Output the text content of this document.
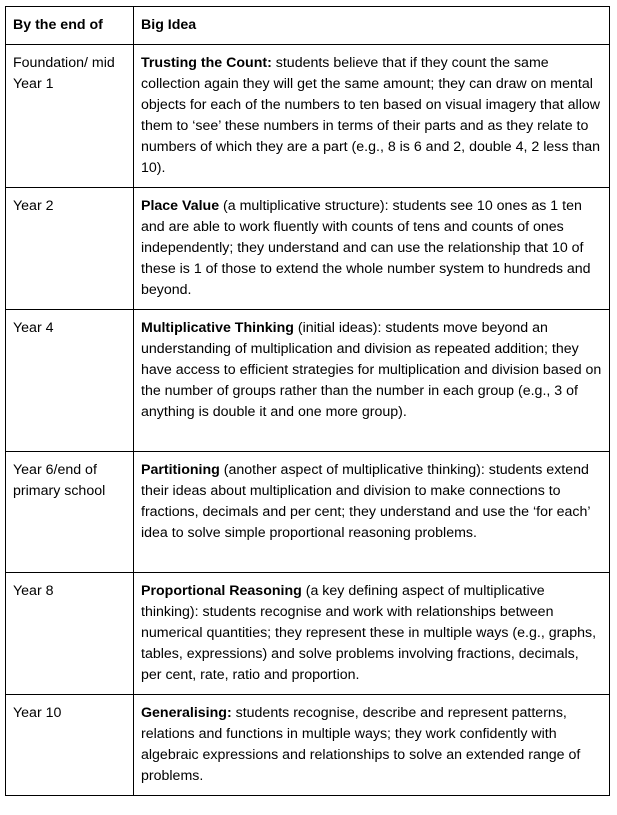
By the end of	Big Idea
Foundation/ mid Year 1	Trusting the Count: students believe that if they count the same collection again they will get the same amount; they can draw on mental objects for each of the numbers to ten based on visual imagery that allow them to ‘see’ these numbers in terms of their parts and as they relate to numbers of which they are a part (e.g., 8 is 6 and 2, double 4, 2 less than 10).
Year 2	Place Value (a multiplicative structure): students see 10 ones as 1 ten and are able to work fluently with counts of tens and counts of ones independently; they understand and can use the relationship that 10 of these is 1 of those to extend the whole number system to hundreds and beyond.
Year 4	Multiplicative Thinking (initial ideas): students move beyond an understanding of multiplication and division as repeated addition; they have access to efficient strategies for multiplication and division based on the number of groups rather than the number in each group (e.g., 3 of anything is double it and one more group).
Year 6/end of primary school	Partitioning (another aspect of multiplicative thinking): students extend their ideas about multiplication and division to make connections to fractions, decimals and per cent; they understand and use the ‘for each’ idea to solve simple proportional reasoning problems.
Year 8	Proportional Reasoning (a key defining aspect of multiplicative thinking): students recognise and work with relationships between numerical quantities; they represent these in multiple ways (e.g., graphs, tables, expressions) and solve problems involving fractions, decimals, per cent, rate, ratio and proportion.
Year 10	Generalising: students recognise, describe and represent patterns, relations and functions in multiple ways; they work confidently with algebraic expressions and relationships to solve an extended range of problems.
